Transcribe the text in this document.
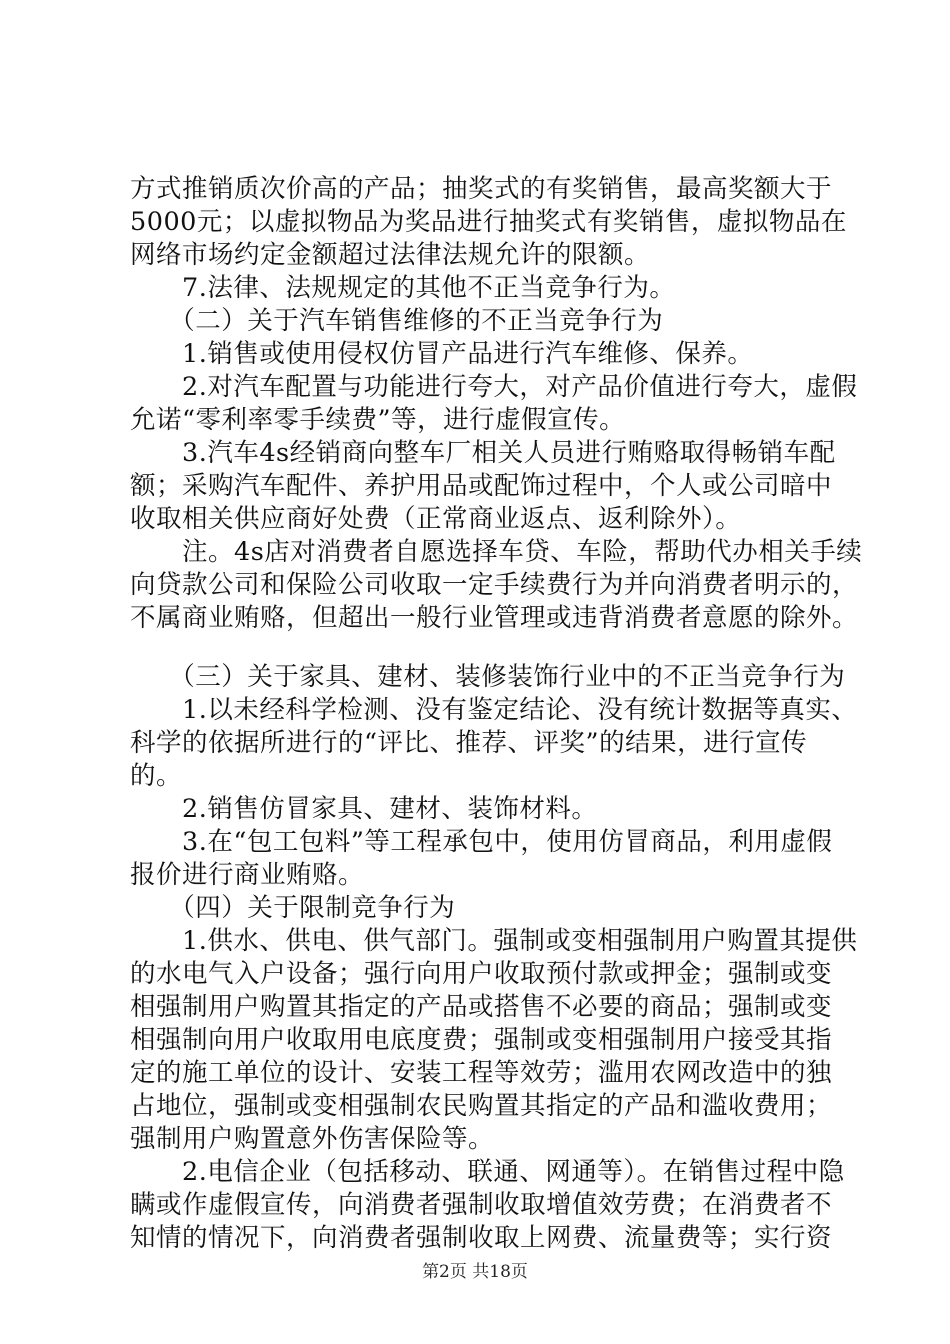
方式推销质次价高的产品；抽奖式的有奖销售，最高奖额大于
5000元；以虚拟物品为奖品进行抽奖式有奖销售，虚拟物品在
网络市场约定金额超过法律法规允许的限额。
　　7.法律、法规规定的其他不正当竞争行为。
　　（二）关于汽车销售维修的不正当竞争行为
　　1.销售或使用侵权仿冒产品进行汽车维修、保养。
　　2.对汽车配置与功能进行夸大，对产品价值进行夸大，虚假
允诺“零利率零手续费”等，进行虚假宣传。
　　3.汽车4s经销商向整车厂相关人员进行贿赂取得畅销车配
额；采购汽车配件、养护用品或配饰过程中，个人或公司暗中
收取相关供应商好处费（正常商业返点、返利除外）。
　　注。4s店对消费者自愿选择车贷、车险，帮助代办相关手续
向贷款公司和保险公司收取一定手续费行为并向消费者明示的，
不属商业贿赂，但超出一般行业管理或违背消费者意愿的除外。
　　（三）关于家具、建材、装修装饰行业中的不正当竞争行为
　　1.以未经科学检测、没有鉴定结论、没有统计数据等真实、
科学的依据所进行的“评比、推荐、评奖”的结果，进行宣传
的。
　　2.销售仿冒家具、建材、装饰材料。
　　3.在“包工包料”等工程承包中，使用仿冒商品，利用虚假
报价进行商业贿赂。
　　（四）关于限制竞争行为
　　1.供水、供电、供气部门。强制或变相强制用户购置其提供
的水电气入户设备；强行向用户收取预付款或押金；强制或变
相强制用户购置其指定的产品或搭售不必要的商品；强制或变
相强制向用户收取用电底度费；强制或变相强制用户接受其指
定的施工单位的设计、安装工程等效劳；滥用农网改造中的独
占地位，强制或变相强制农民购置其指定的产品和滥收费用；
强制用户购置意外伤害保险等。
　　2.电信企业（包括移动、联通、网通等）。在销售过程中隐
瞒或作虚假宣传，向消费者强制收取增值效劳费；在消费者不
知情的情况下，向消费者强制收取上网费、流量费等；实行资
第2页 共18页
